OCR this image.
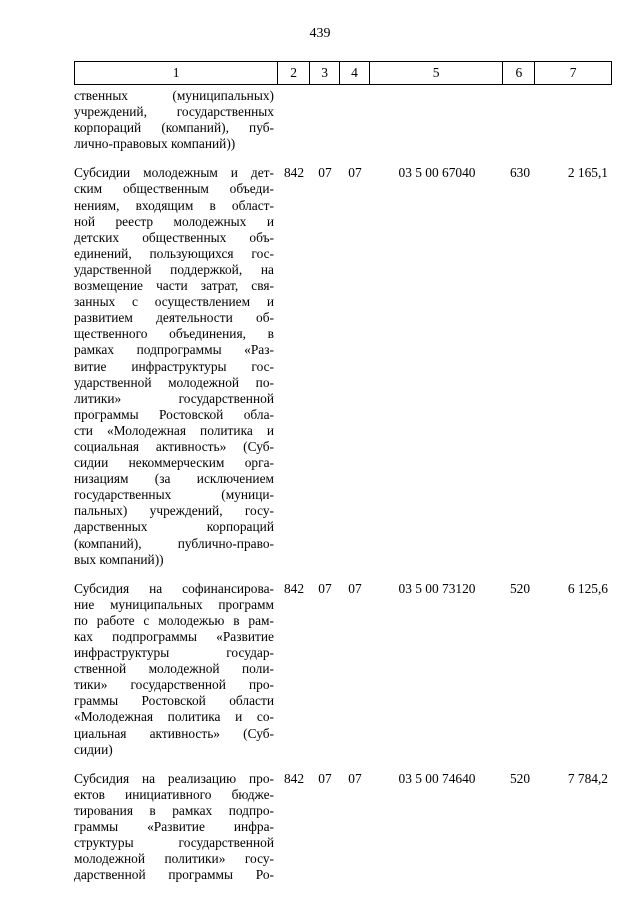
439
1	2	3	4	5	6	7
ственных (муниципальных)
учреждений, государственных
корпораций (компаний), пуб-
лично-правовых компаний))
Субсидии молодежным и дет-
ским общественным объеди-
нениям, входящим в област-
ной реестр молодежных и
детских общественных объ-
единений, пользующихся гос-
ударственной поддержкой, на
возмещение части затрат, свя-
занных с осуществлением и
развитием деятельности об-
щественного объединения, в
рамках подпрограммы «Раз-
витие инфраструктуры гос-
ударственной молодежной по-
литики» государственной
программы Ростовской обла-
сти «Молодежная политика и
социальная активность» (Суб-
сидии некоммерческим орга-
низациям (за исключением
государственных (муници-
пальных) учреждений, госу-
дарственных корпораций
(компаний), публично-право-
вых компаний))
842	07	07	03 5 00 67040	630	2 165,1
Субсидия на софинансирова-
ние муниципальных программ
по работе с молодежью в рам-
ках подпрограммы «Развитие
инфраструктуры государ-
ственной молодежной поли-
тики» государственной про-
граммы Ростовской области
«Молодежная политика и со-
циальная активность» (Суб-
сидии)
842	07	07	03 5 00 73120	520	6 125,6
Субсидия на реализацию про-
ектов инициативного бюдже-
тирования в рамках подпро-
граммы «Развитие инфра-
структуры государственной
молодежной политики» госу-
дарственной программы Ро-
842	07	07	03 5 00 74640	520	7 784,2
